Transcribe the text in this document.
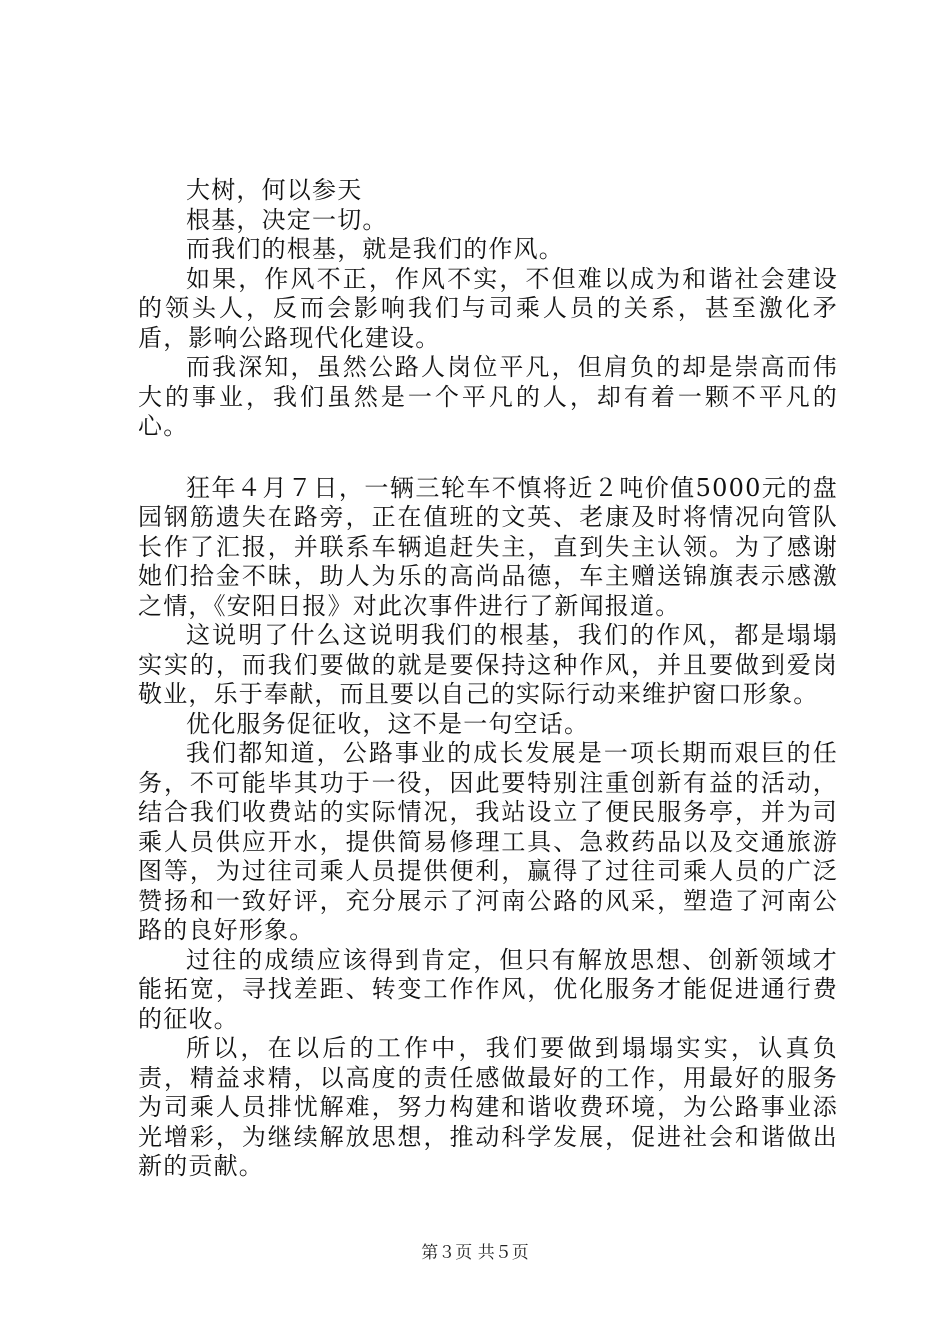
大树，何以参天

根基，决定一切。

而我们的根基，就是我们的作风。

如果，作风不正，作风不实，不但难以成为和谐社会建设的领头人，反而会影响我们与司乘人员的关系，甚至激化矛盾，影响公路现代化建设。

而我深知，虽然公路人岗位平凡，但肩负的却是崇高而伟大的事业，我们虽然是一个平凡的人，却有着一颗不平凡的心。

狂年４月７日，一辆三轮车不慎将近２吨价值5000元的盘园钢筋遗失在路旁，正在值班的文英、老康及时将情况向管队长作了汇报，并联系车辆追赶失主，直到失主认领。为了感谢她们拾金不昧，助人为乐的高尚品德，车主赠送锦旗表示感激之情，《安阳日报》对此次事件进行了新闻报道。

这说明了什么这说明我们的根基，我们的作风，都是塌塌实实的，而我们要做的就是要保持这种作风，并且要做到爱岗敬业，乐于奉献，而且要以自己的实际行动来维护窗口形象。

优化服务促征收，这不是一句空话。

我们都知道，公路事业的成长发展是一项长期而艰巨的任务，不可能毕其功于一役，因此要特别注重创新有益的活动，结合我们收费站的实际情况，我站设立了便民服务亭，并为司乘人员供应开水，提供简易修理工具、急救药品以及交通旅游图等，为过往司乘人员提供便利，赢得了过往司乘人员的广泛赞扬和一致好评，充分展示了河南公路的风采，塑造了河南公路的良好形象。

过往的成绩应该得到肯定，但只有解放思想、创新领域才能拓宽，寻找差距、转变工作作风，优化服务才能促进通行费的征收。

所以，在以后的工作中，我们要做到塌塌实实，认真负责，精益求精，以高度的责任感做最好的工作，用最好的服务为司乘人员排忧解难，努力构建和谐收费环境，为公路事业添光增彩，为继续解放思想，推动科学发展，促进社会和谐做出新的贡献。

第３页 共５页
